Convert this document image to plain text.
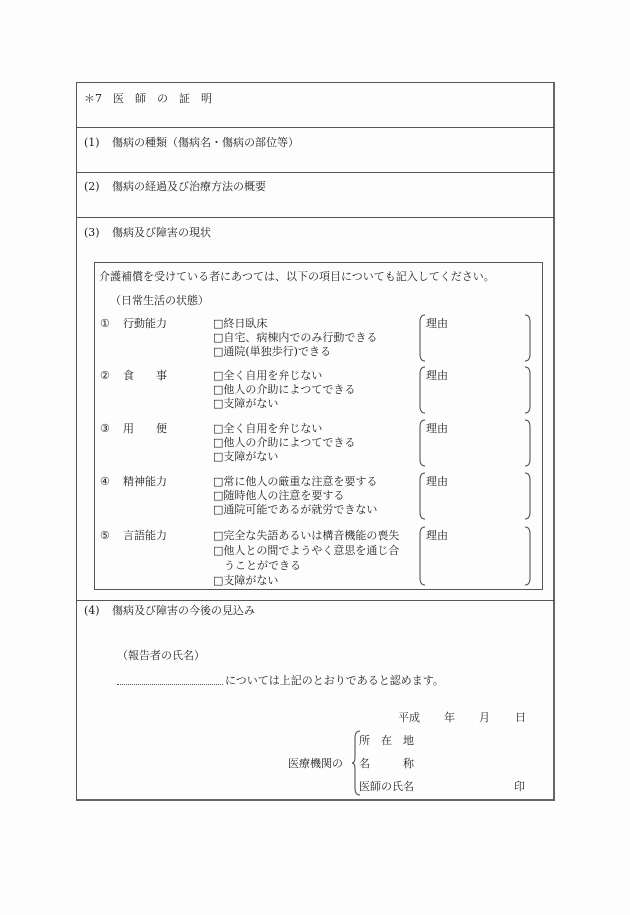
＊7　医　師　の　証　明
(1) 傷病の種類（傷病名・傷病の部位等）
(2) 傷病の経過及び治療方法の概要
(3) 傷病及び障害の現状
(4) 傷病及び障害の今後の見込み
介護補償を受けている者にあつては、以下の項目についても記入してください。
（日常生活の状態）
① 行動能力	□終日臥床
□自宅、病棟内でのみ行動できる
□通院(単独歩行)できる
理由
② 食　　事	□全く自用を弁じない
□他人の介助によつてできる
□支障がない
理由
③ 用　　便	□全く自用を弁じない
□他人の介助によつてできる
□支障がない
理由
④ 精神能力	□常に他人の厳重な注意を要する
□随時他人の注意を要する
□通院可能であるが就労できない
理由
⑤ 言語能力	□完全な失語あるいは構音機能の喪失
□他人との間でようやく意思を通じ合
　うことができる
□支障がない
理由
（報告者の氏名）
については上記のとおりであると認めます。
平成 年 月 日
医療機関の
所　在　地
名　　　称
医師の氏名	印
